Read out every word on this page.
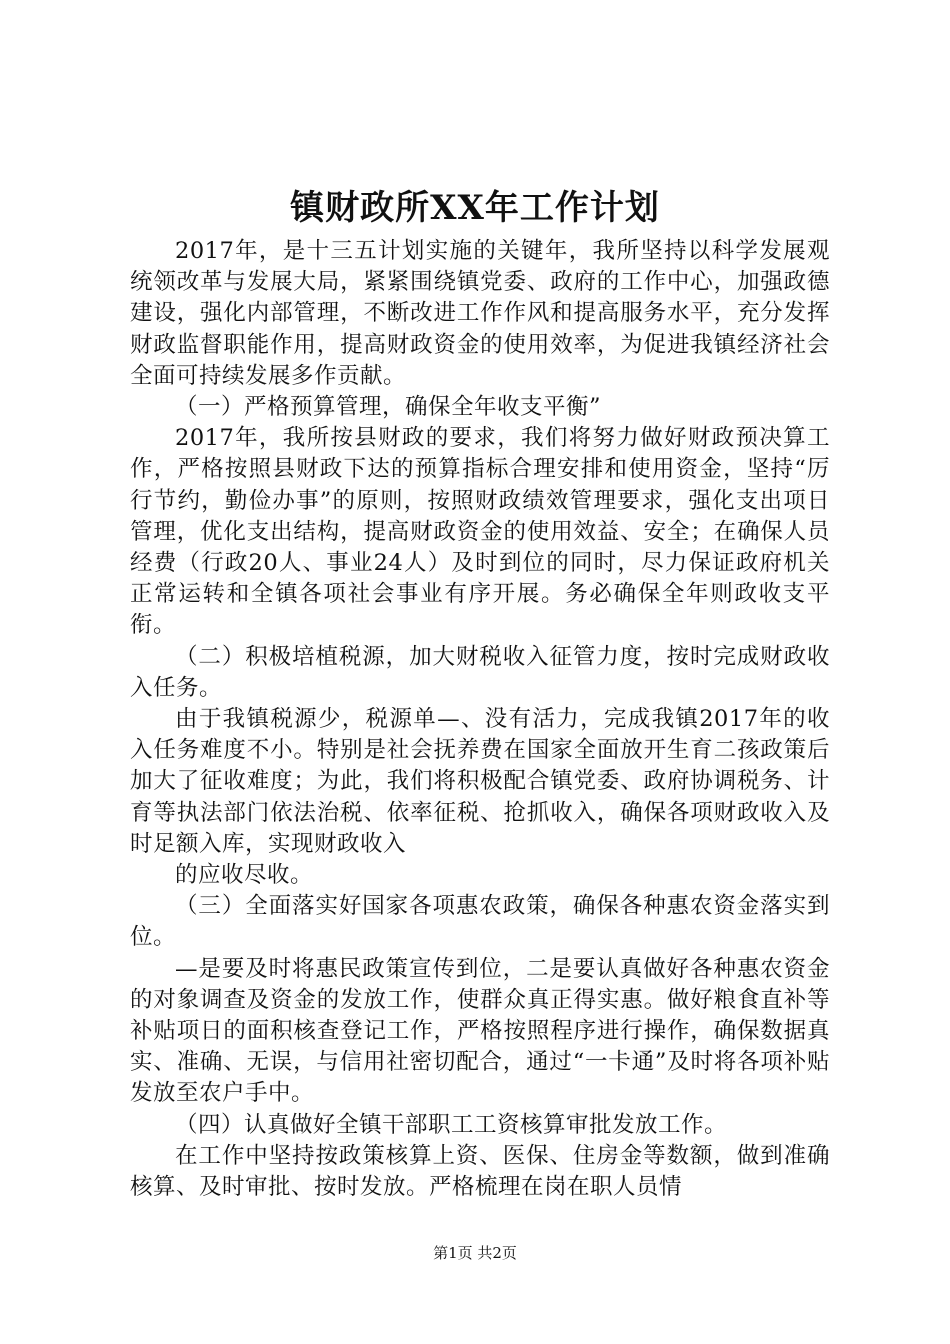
镇财政所XX年工作计划

2017年，是十三五计划实施的关键年，我所坚持以科学发展观统领改革与发展大局，紧紧围绕镇党委、政府的工作中心，加强政德建设，强化内部管理，不断改进工作作风和提高服务水平，充分发挥财政监督职能作用，提高财政资金的使用效率，为促进我镇经济社会全面可持续发展多作贡献。

（一）严格预算管理，确保全年收支平衡”

2017年，我所按县财政的要求，我们将努力做好财政预决算工作，严格按照县财政下达的预算指标合理安排和使用资金，坚持“厉行节约，勤俭办事”的原则，按照财政绩效管理要求，强化支出项日管理，优化支出结构，提高财政资金的使用效益、安全；在确保人员经费（行政20人、事业24人）及时到位的同时，尽力保证政府机关正常运转和全镇各项社会事业有序开展。务必确保全年则政收支平衔。

（二）积极培植税源，加大财税收入征管力度，按时完成财政收入任务。

由于我镇税源少，税源单—、没有活力，完成我镇2017年的收入任务难度不小。特别是社会抚养费在国家全面放开生育二孩政策后加大了征收难度；为此，我们将积极配合镇党委、政府协调税务、计育等执法部门依法治税、依率征税、抢抓收入，确保各项财政收入及时足额入库，实现财政收入

的应收尽收。

（三）全面落实好国家各项惠农政策，确保各种惠农资金落实到位。

—是要及时将惠民政策宣传到位，二是要认真做好各种惠农资金的对象调查及资金的发放工作，使群众真正得实惠。做好粮食直补等补贴项日的面积核查登记工作，严格按照程序进行操作，确保数据真实、准确、无误，与信用社密切配合，通过“一卡通”及时将各项补贴发放至农户手中。

（四）认真做好全镇干部职工工资核算审批发放工作。

在工作中坚持按政策核算上资、医保、住房金等数额，做到准确核算、及时审批、按时发放。严格梳理在岗在职人员情

第1页 共2页
